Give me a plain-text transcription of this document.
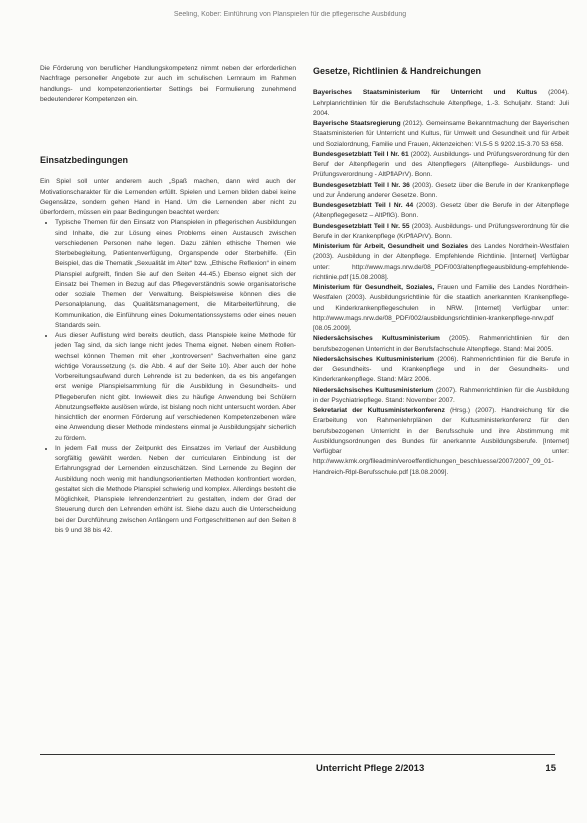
Seeling, Kober: Einführung von Planspielen für die pflegerische Ausbildung

Die Förderung von beruflicher Handlungskompetenz nimmt neben der erforderlichen Nachfrage personeller Angebote zur auch im schulischen Lernraum im Rahmen handlungs- und kompetenzorientierter Settings bei Formulierung zunehmend bedeutenderer Kompetenzen ein.

Einsatzbedingungen

Ein Spiel soll unter anderem auch „Spaß machen, dann wird auch der Motivationscharakter für die Lernenden erfüllt. Spielen und Lernen bilden dabei keine Gegensätze, sondern gehen Hand in Hand. Um die Lernenden aber nicht zu überfordern, müssen ein paar Bedingungen beachtet werden:

• Typische Themen für den Einsatz von Planspielen in pflegerischen Ausbildungen sind Inhalte, die zur Lösung eines Problems einen Austausch zwischen verschiedenen Personen nahe legen. Dazu zählen ethische Themen wie Sterbebegleitung, Patientenverfügung, Organspende oder Sterbehilfe. (Ein Beispiel, das die Thematik „Sexualität im Alter“ bzw. „Ethische Reflexion“ in einem Planspiel aufgreift, finden Sie auf den Seiten 44-45.) Ebenso eignet sich der Einsatz bei Themen in Bezug auf das Pflegeverständnis sowie organisatorische oder soziale Themen der Verwaltung. Beispielsweise können dies die Personalplanung, das Qualitätsmanagement, die Mitarbeiterführung, die Kommunikation, die Einführung eines Dokumentationssystems oder eines neuen Standards sein.
• Aus dieser Auflistung wird bereits deutlich, dass Planspiele keine Methode für jeden Tag sind, da sich lange nicht jedes Thema eignet. Neben einem Rollen-wechsel können Themen mit eher „kontroversen“ Sachverhalten eine ganz wichtige Voraussetzung (s. die Abb. 4 auf der Seite 10). Aber auch der hohe Vorbereitungsaufwand durch Lehrende ist zu bedenken, da es bis angefangen erst wenige Planspielsammlung für die Ausbildung in Gesundheits- und Pflegeberufen nicht gibt. Inwieweit dies zu häufige Anwendung bei Schülern Abnutzungseffekte auslösen würde, ist bislang noch nicht untersucht worden. Aber hinsichtlich der enormen Förderung auf verschiedenen Kompetenzebenen wäre eine Anwendung dieser Methode mindestens einmal je Ausbildungsjahr sicherlich zu fördern.
• In jedem Fall muss der Zeitpunkt des Einsatzes im Verlauf der Ausbildung sorgfältig gewählt werden. Neben der curricularen Einbindung ist der Erfahrungsgrad der Lernenden einzuschätzen. Sind Lernende zu Beginn der Ausbildung noch wenig mit handlungsorientierten Methoden konfrontiert worden, gestaltet sich die Methode Planspiel schwierig und komplex. Allerdings besteht die Möglichkeit, Planspiele lehrendenzentriert zu gestalten, indem der Grad der Steuerung durch den Lehrenden erhöht ist. Siehe dazu auch die Unterscheidung bei der Durchführung zwischen Anfängern und Fortgeschrittenen auf den Seiten 8 bis 9 und 38 bis 42.
Gesetze, Richtlinien & Handreichungen

Bayerisches Staatsministerium für Unterricht und Kultus (2004). Lehrplanrichtlinien für die Berufsfachschule Altenpflege, 1.-3. Schuljahr. Stand: Juli 2004.

Bayerische Staatsregierung (2012). Gemeinsame Bekanntmachung der Bayerischen Staatsministerien für Unterricht und Kultus, für Umwelt und Gesundheit und für Arbeit und Sozialordnung, Familie und Frauen, Aktenzeichen: VI.5-5 S 9202.15-3.70 53 658.

Bundesgesetzblatt Teil I Nr. 61 (2002). Ausbildungs- und Prüfungsverordnung für den Beruf der Altenpflegerin und des Altenpflegers (Altenpflege- Ausbildungs- und Prüfungsverordnung - AltPflAPrV). Bonn.

Bundesgesetzblatt Teil I Nr. 36 (2003). Gesetz über die Berufe in der Krankenpflege und zur Änderung anderer Gesetze. Bonn.

Bundesgesetzblatt Teil I Nr. 44 (2003). Gesetz über die Berufe in der Altenpflege (Altenpflegegesetz – AltPflG). Bonn.

Bundesgesetzblatt Teil I Nr. 55 (2003). Ausbildungs- und Prüfungsverordnung für die Berufe in der Krankenpflege (KrPflAPrV). Bonn.

Ministerium für Arbeit, Gesundheit und Soziales des Landes Nordrhein-Westfalen (2003). Ausbildung in der Altenpflege. Empfehlende Richtlinie. [Internet] Verfügbar unter: http://www.mags.nrw.de/08_PDF/003/altenpflegeausbildung-empfehlende-richtlinie.pdf [15.08.2008].

Ministerium für Gesundheit, Soziales, Frauen und Familie des Landes Nordrhein-Westfalen (2003). Ausbildungsrichtlinie für die staatlich anerkannten Krankenpflege- und Kinderkrankenpflegeschulen in NRW. [Internet] Verfügbar unter: http://www.mags.nrw.de/08_PDF/002/ausbildungsrichtlinien-krankenpflege-nrw.pdf [08.05.2009].

Niedersächsisches Kultusministerium (2005). Rahmenrichtlinien für den berufsbezogenen Unterricht in der Berufsfachschule Altenpflege. Stand: Mai 2005.

Niedersächsisches Kultusministerium (2006). Rahmenrichtlinien für die Berufe in der Gesundheits- und Krankenpflege und in der Gesundheits- und Kinderkrankenpflege. Stand: März 2006.

Niedersächsisches Kultusministerium (2007). Rahmenrichtlinien für die Ausbildung in der Psychiatriepflege. Stand: November 2007.

Sekretariat der Kultusministerkonferenz (Hrsg.) (2007). Handreichung für die Erarbeitung von Rahmenlehrplänen der Kultusministerkonferenz für den berufsbezogenen Unterricht in der Berufsschule und ihre Abstimmung mit Ausbildungsordnungen des Bundes für anerkannte Ausbildungsberufe. [Internet] Verfügbar unter: http://www.kmk.org/fileadmin/veroeffentlichungen_beschluesse/2007/2007_09_01-Handreich-Rlpl-Berufsschule.pdf [18.08.2009].

Unterricht Pflege 2/2013	15
